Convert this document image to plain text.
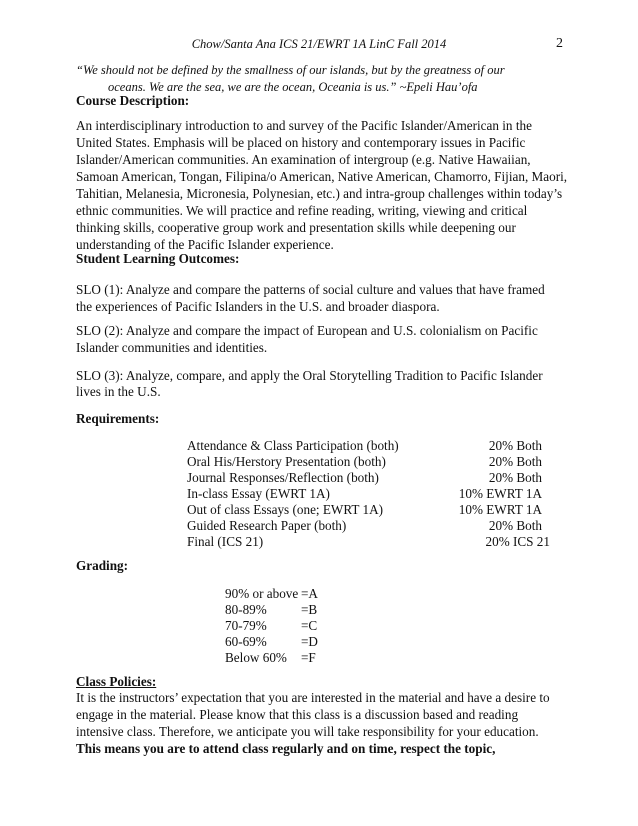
Chow/Santa Ana ICS 21/EWRT 1A LinC Fall 2014	2
“We should not be defined by the smallness of our islands, but by the greatness of our
oceans. We are the sea, we are the ocean, Oceania is us.” ~Epeli Hau’ofa
Course Description:
An interdisciplinary introduction to and survey of the Pacific Islander/American in the
United States. Emphasis will be placed on history and contemporary issues in Pacific
Islander/American communities. An examination of intergroup (e.g. Native Hawaiian,
Samoan American, Tongan, Filipina/o American, Native American, Chamorro, Fijian, Maori,
Tahitian, Melanesia, Micronesia, Polynesian, etc.) and intra-group challenges within today’s
ethnic communities. We will practice and refine reading, writing, viewing and critical
thinking skills, cooperative group work and presentation skills while deepening our
understanding of the Pacific Islander experience.
Student Learning Outcomes:
SLO (1): Analyze and compare the patterns of social culture and values that have framed
the experiences of Pacific Islanders in the U.S. and broader diaspora.
SLO (2): Analyze and compare the impact of European and U.S. colonialism on Pacific
Islander communities and identities.
SLO (3): Analyze, compare, and apply the Oral Storytelling Tradition to Pacific Islander
lives in the U.S.
Requirements:
Attendance & Class Participation (both)	20% Both
Oral His/Herstory Presentation (both)	20% Both
Journal Responses/Reflection (both)	20% Both
In-class Essay (EWRT 1A)	10% EWRT 1A
Out of class Essays (one; EWRT 1A)	10% EWRT 1A
Guided Research Paper (both)	20% Both
Final (ICS 21)	20% ICS 21
Grading:
90% or above =A
80-89%	=B
70-79%	=C
60-69%	=D
Below 60% =F
Class Policies:
It is the instructors’ expectation that you are interested in the material and have a desire to
engage in the material. Please know that this class is a discussion based and reading
intensive class. Therefore, we anticipate you will take responsibility for your education.
This means you are to attend class regularly and on time, respect the topic,
